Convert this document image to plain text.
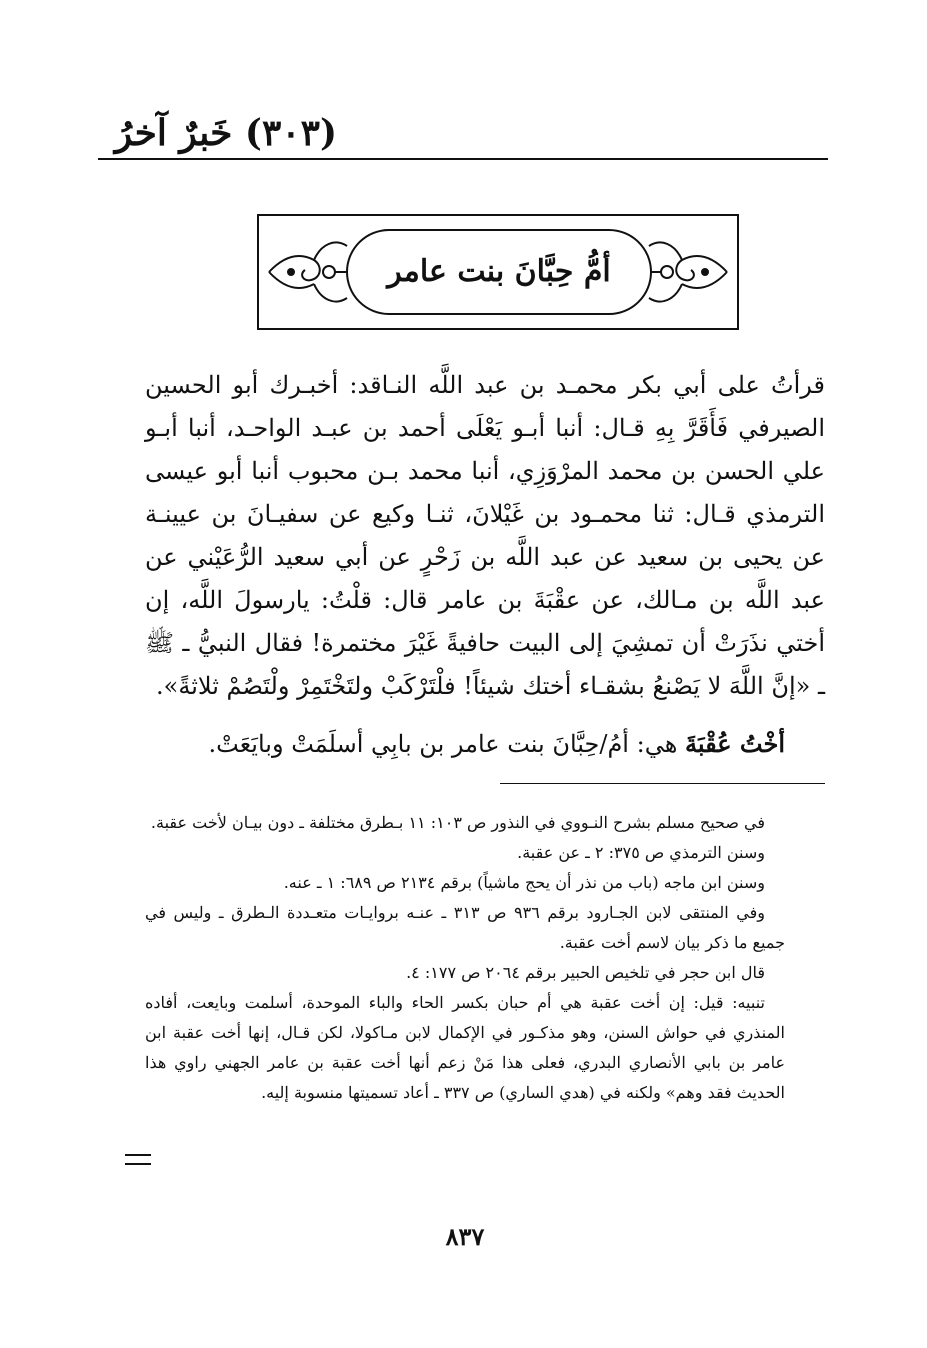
(٣٠٣) خَبرٌ آخرُ
أمُّ حِبَّانَ بنت عامر

قرأتُ على أبي بكر محمـد بن عبد اللَّه النـاقد: أخبـرك أبو الحسين الصيرفي فَأَقَرَّ بِهِ قـال: أنبا أبـو يَعْلَى أحمد بن عبـد الواحـد، أنبا أبـو علي الحسن بن محمد المرْوَزِي، أنبا محمد بـن محبوب أنبا أبو عيسى الترمذي قـال: ثنا محمـود بن غَيْلانَ، ثنـا وكيع عن سفيـانَ بن عيينـة عن يحيى بن سعيد عن عبد اللَّه بن زَحْرٍ عن أبي سعيد الرُّعَيْني عن عبد اللَّه بن مـالك، عن عقْبَةَ بن عامر قال: قلْتُ: يارسولَ اللَّه، إن أختي نذَرَتْ أن تمشِيَ إلى البيت حافيةً غَيْرَ مختمرة! فقال النبيُّ ـ ﷺ ـ «إنَّ اللَّهَ لا يَصْنعُ بشقـاء أختك شيئاً! فلْتَرْكَبْ ولتَخْتَمِرْ ولْتَصُمْ ثلاثةً».

أخْتُ عُقْبَةَ هي: أمُ/حِبَّانَ بنت عامر بن بابِي أسلَمَتْ وبايَعَتْ.

في صحيح مسلم بشرح النـووي في النذور ص ١٠٣: ١١ بـطرق مختلفة ـ دون بيـان لأخت عقبة.

وسنن الترمذي ص ٣٧٥: ٢ ـ عن عقبة.

وسنن ابن ماجه (باب من نذر أن يحج ماشياً) برقم ٢١٣٤ ص ٦٨٩: ١ ـ عنه.

وفي المنتقى لابن الجـارود برقم ٩٣٦ ص ٣١٣ ـ عنـه بروايـات متعـددة الـطرق ـ وليس في جميع ما ذكر بيان لاسم أخت عقبة.

قال ابن حجر في تلخيص الحبير برقم ٢٠٦٤ ص ١٧٧: ٤.

تنبيه: قيل: إن أخت عقبة هي أم حبان بكسر الحاء والباء الموحدة، أسلمت وبايعت، أفاده المنذري في حواش السنن، وهو مذكـور في الإكمال لابن مـاكولا، لكن قـال، إنها أخت عقبة ابن عامر بن بابي الأنصاري البدري، فعلى هذا مَنْ زعم أنها أخت عقبة بن عامر الجهني راوي هذا الحديث فقد وهم» ولكنه في (هدي الساري) ص ٣٣٧ ـ أعاد تسميتها منسوبة إليه.

٨٣٧
